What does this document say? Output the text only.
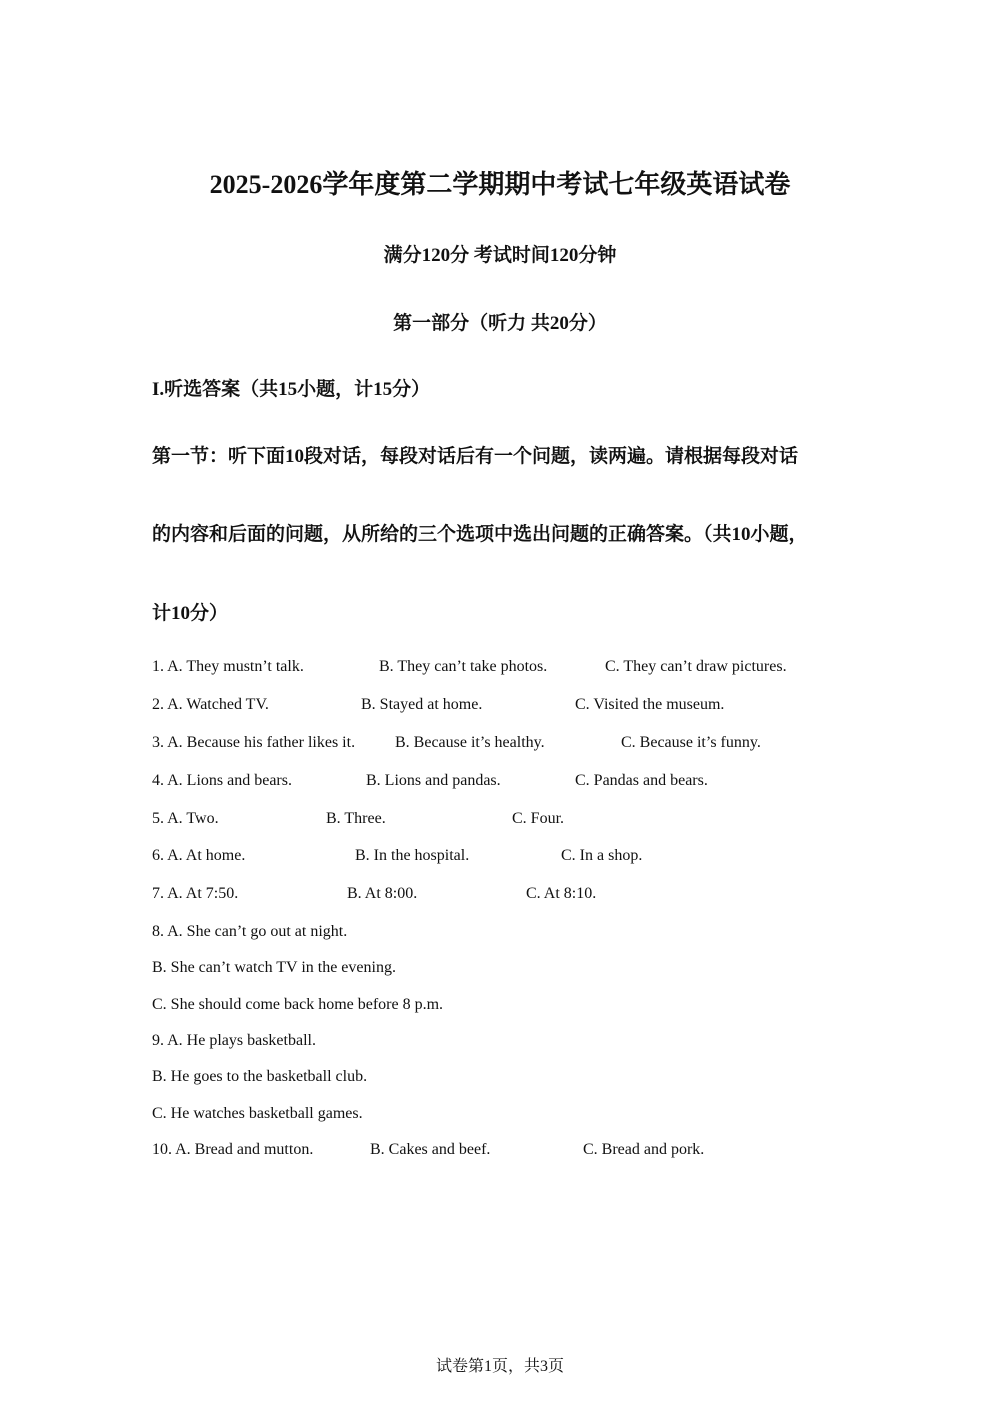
2025-2026学年度第二学期期中考试七年级英语试卷
满分120分 考试时间120分钟
第一部分（听力 共20分）
I.听选答案（共15小题，计15分）
第一节：听下面10段对话，每段对话后有一个问题，读两遍。请根据每段对话
的内容和后面的问题，从所给的三个选项中选出问题的正确答案。（共10小题，
计10分）
1. A. They mustn’t talk.	B. They can’t take photos.	C. They can’t draw pictures.
2. A. Watched TV.	B. Stayed at home.	C. Visited the museum.
3. A. Because his father likes it. B. Because it’s healthy.	C. Because it’s funny.
4. A. Lions and bears.	B. Lions and pandas.	C. Pandas and bears.
5. A. Two.	B. Three.	C. Four.
6. A. At home.	B. In the hospital.	C. In a shop.
7. A. At 7:50.	B. At 8:00.	C. At 8:10.
8. A. She can’t go out at night.
B. She can’t watch TV in the evening.
C. She should come back home before 8 p.m.
9. A. He plays basketball.
B. He goes to the basketball club.
C. He watches basketball games.
10. A. Bread and mutton.	B. Cakes and beef.	C. Bread and pork.
试卷第1页，共3页
